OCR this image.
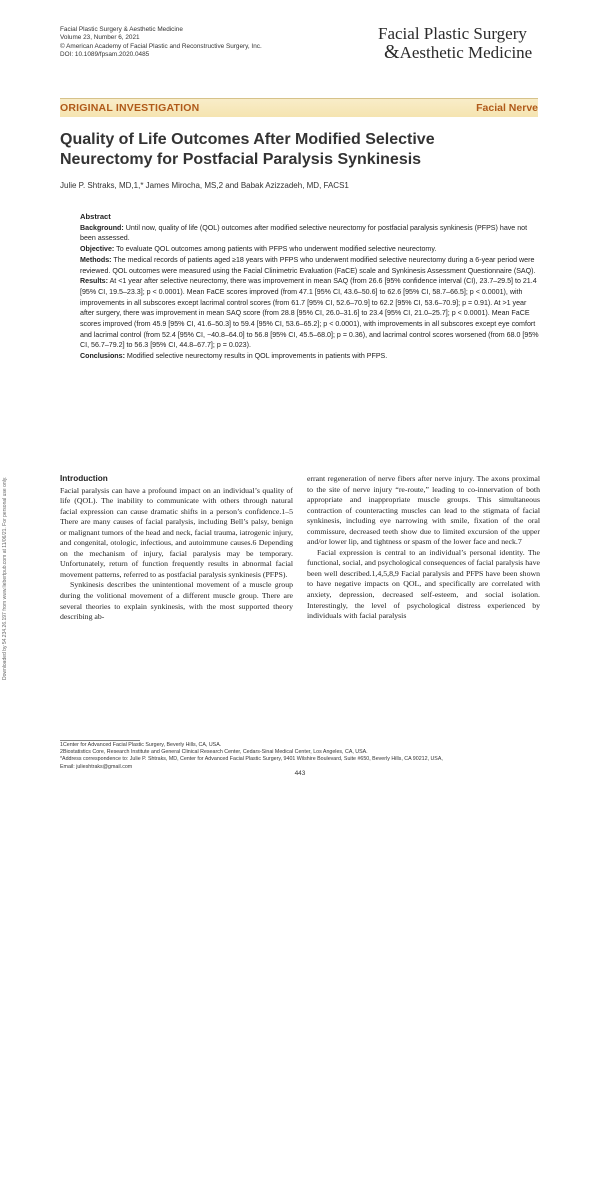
Facial Plastic Surgery & Aesthetic Medicine
Volume 23, Number 6, 2021
© American Academy of Facial Plastic and Reconstructive Surgery, Inc.
DOI: 10.1089/fpsam.2020.0485
Facial Plastic Surgery
&Aesthetic Medicine
ORIGINAL INVESTIGATION	Facial Nerve
Quality of Life Outcomes After Modified Selective
Neurectomy for Postfacial Paralysis Synkinesis
Julie P. Shtraks, MD,1,* James Mirocha, MS,2 and Babak Azizzadeh, MD, FACS1
Abstract

Background: Until now, quality of life (QOL) outcomes after modified selective neurectomy for postfacial paralysis synkinesis (PFPS) have not been assessed.

Objective: To evaluate QOL outcomes among patients with PFPS who underwent modified selective neurectomy.

Methods: The medical records of patients aged ≥18 years with PFPS who underwent modified selective neurectomy during a 6-year period were reviewed. QOL outcomes were measured using the Facial Clinimetric Evaluation (FaCE) scale and Synkinesis Assessment Questionnaire (SAQ).

Results: At <1 year after selective neurectomy, there was improvement in mean SAQ (from 26.6 [95% confidence interval (CI), 23.7–29.5] to 21.4 [95% CI, 19.5–23.3]; p < 0.0001). Mean FaCE scores improved (from 47.1 [95% CI, 43.6–50.6] to 62.6 [95% CI, 58.7–66.5]; p < 0.0001), with improvements in all subscores except lacrimal control scores (from 61.7 [95% CI, 52.6–70.9] to 62.2 [95% CI, 53.6–70.9]; p = 0.91). At >1 year after surgery, there was improvement in mean SAQ score (from 28.8 [95% CI, 26.0–31.6] to 23.4 [95% CI, 21.0–25.7]; p < 0.0001). Mean FaCE scores improved (from 45.9 [95% CI, 41.6–50.3] to 59.4 [95% CI, 53.6–65.2]; p < 0.0001), with improvements in all subscores except eye comfort and lacrimal control (from 52.4 [95% CI, −40.8–64.0] to 56.8 [95% CI, 45.5–68.0]; p = 0.36), and lacrimal control scores worsened (from 68.0 [95% CI, 56.7–79.2] to 56.3 [95% CI, 44.8–67.7]; p = 0.023).

Conclusions: Modified selective neurectomy results in QOL improvements in patients with PFPS.

Downloaded by 54.234.26.197 from www.liebertpub.com at 11/06/21. For personal use only.	Introduction

Facial paralysis can have a profound impact on an individual’s quality of life (QOL). The inability to communicate with others through natural facial expression can cause dramatic shifts in a person’s confidence.1–5 There are many causes of facial paralysis, including Bell’s palsy, benign or malignant tumors of the head and neck, facial trauma, iatrogenic injury, and congenital, otologic, infectious, and autoimmune causes.6 Depending on the mechanism of injury, facial paralysis may be temporary. Unfortunately, return of function frequently results in abnormal facial movement patterns, referred to as postfacial paralysis synkinesis (PFPS).

Synkinesis describes the unintentional movement of a muscle group during the volitional movement of a different muscle group. There are several theories to explain synkinesis, with the most supported theory describing ab-

errant regeneration of nerve fibers after nerve injury. The axons proximal to the site of nerve injury “re-route,” leading to co-innervation of both appropriate and inappropriate muscle groups. This simultaneous contraction of counteracting muscles can lead to the stigmata of facial synkinesis, including eye narrowing with smile, fixation of the oral commissure, decreased teeth show due to limited excursion of the upper and/or lower lip, and tightness or spasm of the lower face and neck.7

Facial expression is central to an individual’s personal identity. The functional, social, and psychological consequences of facial paralysis have been well described.1,4,5,8,9 Facial paralysis and PFPS have been shown to have negative impacts on QOL, and specifically are correlated with anxiety, depression, decreased self-esteem, and social isolation. Interestingly, the level of psychological distress experienced by individuals with facial paralysis

1Center for Advanced Facial Plastic Surgery, Beverly Hills, CA, USA.

2Biostatistics Core, Research Institute and General Clinical Research Center, Cedars-Sinai Medical Center, Los Angeles, CA, USA.

*Address correspondence to: Julie P. Shtraks, MD, Center for Advanced Facial Plastic Surgery, 9401 Wilshire Boulevard, Suite #650, Beverly Hills, CA 90212, USA,

Email: julieshtraks@gmail.com

443
